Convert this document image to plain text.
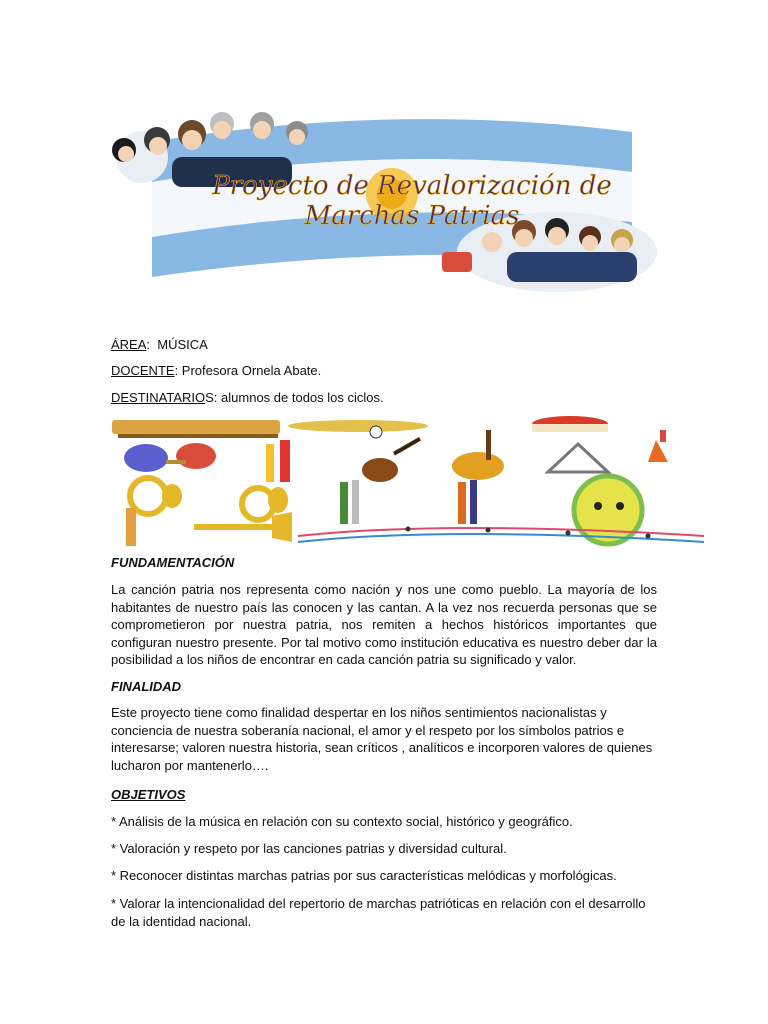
Proyecto de Revalorización de
Marchas Patrias
ÁREA:  MÚSICA
DOCENTE: Profesora Ornela Abate.
DESTINATARIOS: alumnos de todos los ciclos.
FUNDAMENTACIÓN
La canción patria nos representa como nación y nos une como pueblo. La mayoría de los habitantes de nuestro país las conocen y las cantan. A la vez nos recuerda personas que se comprometieron por nuestra patria, nos remiten a hechos históricos importantes que configuran nuestro presente. Por tal motivo como institución educativa es nuestro deber dar la posibilidad a los niños de encontrar en cada canción patria su significado y valor.
FINALIDAD
Este proyecto tiene como finalidad despertar en los niños sentimientos nacionalistas y conciencia de nuestra soberanía nacional, el amor y el respeto por los símbolos patrios e interesarse; valoren nuestra historia, sean críticos , analíticos e incorporen valores de quienes lucharon por mantenerlo….
OBJETIVOS
* Análisis de la música en relación con su contexto social, histórico y geográfico.
* Valoración y respeto por las canciones patrias y diversidad cultural.
* Reconocer distintas marchas patrias por sus características melódicas y morfológicas.
* Valorar la intencionalidad del repertorio de marchas patrióticas en relación con el desarrollo de la identidad nacional.
